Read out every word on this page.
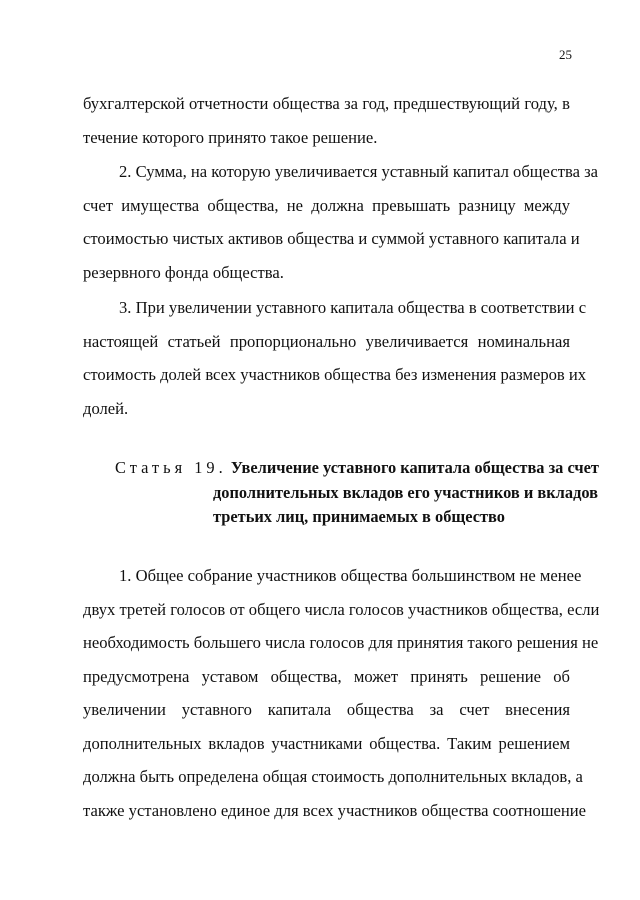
25
бухгалтерской отчетности общества за год, предшествующий году, в
течение которого принято такое решение.
2. Сумма, на которую увеличивается уставный капитал общества за
счет имущества общества, не должна превышать разницу между
стоимостью чистых активов общества и суммой уставного капитала и
резервного фонда общества.
3. При увеличении уставного капитала общества в соответствии с
настоящей статьей пропорционально увеличивается номинальная
стоимость долей всех участников общества без изменения размеров их
долей.
Статья 19. Увеличение уставного капитала общества за счет
дополнительных вкладов его участников и вкладов
третьих лиц, принимаемых в общество
1. Общее собрание участников общества большинством не менее
двух третей голосов от общего числа голосов участников общества, если
необходимость большего числа голосов для принятия такого решения не
предусмотрена уставом общества, может принять решение об
увеличении уставного капитала общества за счет внесения
дополнительных вкладов участниками общества. Таким решением
должна быть определена общая стоимость дополнительных вкладов, а
также установлено единое для всех участников общества соотношение
